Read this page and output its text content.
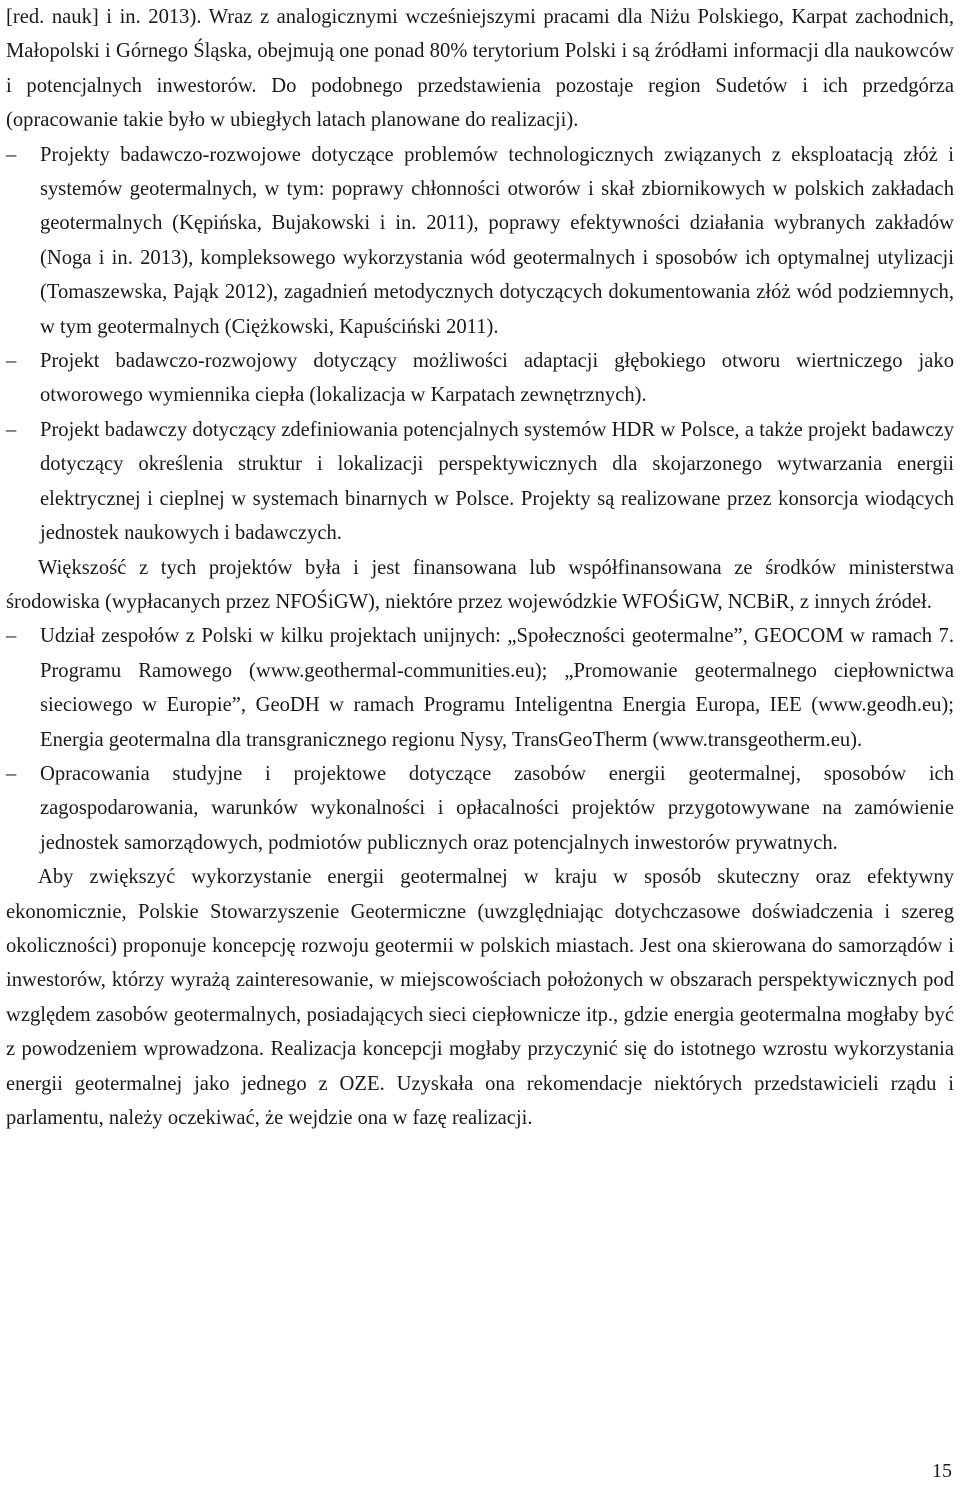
[red. nauk] i in. 2013). Wraz z analogicznymi wcześniejszymi pracami dla Niżu Polskiego, Karpat zachodnich, Małopolski i Górnego Śląska, obejmują one ponad 80% terytorium Polski i są źródłami informacji dla naukowców i potencjalnych inwestorów. Do podobnego przedstawienia pozostaje region Sudetów i ich przedgórza (opracowanie takie było w ubiegłych latach planowane do realizacji).

– Projekty badawczo-rozwojowe dotyczące problemów technologicznych związanych z eksploatacją złóż i systemów geotermalnych, w tym: poprawy chłonności otworów i skał zbiornikowych w polskich zakładach geotermalnych (Kępińska, Bujakowski i in. 2011), poprawy efektywności działania wybranych zakładów (Noga i in. 2013), kompleksowego wykorzystania wód geotermalnych i sposobów ich optymalnej utylizacji (Tomaszewska, Pająk 2012), zagadnień metodycznych dotyczących dokumentowania złóż wód podziemnych, w tym geotermalnych (Ciężkowski, Kapuściński 2011).

– Projekt badawczo-rozwojowy dotyczący możliwości adaptacji głębokiego otworu wiertniczego jako otworowego wymiennika ciepła (lokalizacja w Karpatach zewnętrznych).

– Projekt badawczy dotyczący zdefiniowania potencjalnych systemów HDR w Polsce, a także projekt badawczy dotyczący określenia struktur i lokalizacji perspektywicznych dla skojarzonego wytwarzania energii elektrycznej i cieplnej w systemach binarnych w Polsce. Projekty są realizowane przez konsorcja wiodących jednostek naukowych i badawczych.

Większość z tych projektów była i jest finansowana lub współfinansowana ze środków ministerstwa środowiska (wypłacanych przez NFOŚiGW), niektóre przez wojewódzkie WFOŚiGW, NCBiR, z innych źródeł.

– Udział zespołów z Polski w kilku projektach unijnych: „Społeczności geotermalne”, GEOCOM w ramach 7. Programu Ramowego (www.geothermal-communities.eu); „Promowanie geotermalnego ciepłownictwa sieciowego w Europie”, GeoDH w ramach Programu Inteligentna Energia Europa, IEE (www.geodh.eu); Energia geotermalna dla transgranicznego regionu Nysy, TransGeoTherm (www.transgeotherm.eu).

– Opracowania studyjne i projektowe dotyczące zasobów energii geotermalnej, sposobów ich zagospodarowania, warunków wykonalności i opłacalności projektów przygotowywane na zamówienie jednostek samorządowych, podmiotów publicznych oraz potencjalnych inwestorów prywatnych.

Aby zwiększyć wykorzystanie energii geotermalnej w kraju w sposób skuteczny oraz efektywny ekonomicznie, Polskie Stowarzyszenie Geotermiczne (uwzględniając dotychczasowe doświadczenia i szereg okoliczności) proponuje koncepcję rozwoju geotermii w polskich miastach. Jest ona skierowana do samorządów i inwestorów, którzy wyrażą zainteresowanie, w miejscowościach położonych w obszarach perspektywicznych pod względem zasobów geotermalnych, posiadających sieci ciepłownicze itp., gdzie energia geotermalna mogłaby być z powodzeniem wprowadzona. Realizacja koncepcji mogłaby przyczynić się do istotnego wzrostu wykorzystania energii geotermalnej jako jednego z OZE. Uzyskała ona rekomendacje niektórych przedstawicieli rządu i parlamentu, należy oczekiwać, że wejdzie ona w fazę realizacji.

15
